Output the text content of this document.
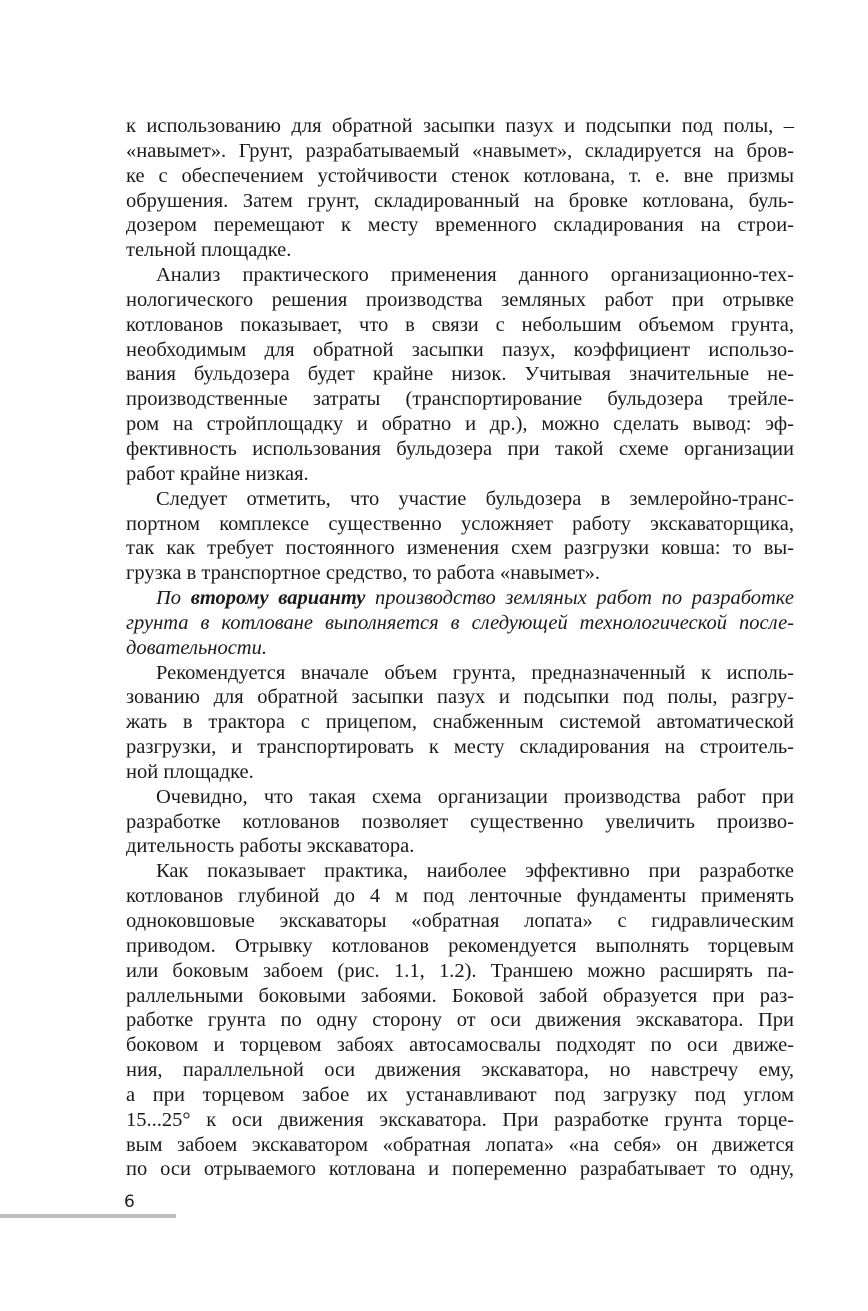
к использованию для обратной засыпки пазух и подсыпки под полы, –
«навымет». Грунт, разрабатываемый «навымет», складируется на бров-
ке с обеспечением устойчивости стенок котлована, т. е. вне призмы
обрушения. Затем грунт, складированный на бровке котлована, буль-
дозером перемещают к месту временного складирования на строи-
тельной площадке.
Анализ практического применения данного организационно-тех-
нологического решения производства земляных работ при отрывке
котлованов показывает, что в связи с небольшим объемом грунта,
необходимым для обратной засыпки пазух, коэффициент использо-
вания бульдозера будет крайне низок. Учитывая значительные не-
производственные затраты (транспортирование бульдозера трейле-
ром на стройплощадку и обратно и др.), можно сделать вывод: эф-
фективность использования бульдозера при такой схеме организации
работ крайне низкая.
Следует отметить, что участие бульдозера в землеройно-транс-
портном комплексе существенно усложняет работу экскаваторщика,
так как требует постоянного изменения схем разгрузки ковша: то вы-
грузка в транспортное средство, то работа «навымет».
По второму варианту производство земляных работ по разработке
грунта в котловане выполняется в следующей технологической после-
довательности.
Рекомендуется вначале объем грунта, предназначенный к исполь-
зованию для обратной засыпки пазух и подсыпки под полы, разгру-
жать в трактора с прицепом, снабженным системой автоматической
разгрузки, и транспортировать к месту складирования на строитель-
ной площадке.
Очевидно, что такая схема организации производства работ при
разработке котлованов позволяет существенно увеличить произво-
дительность работы экскаватора.
Как показывает практика, наиболее эффективно при разработке
котлованов глубиной до 4 м под ленточные фундаменты применять
одноковшовые экскаваторы «обратная лопата» с гидравлическим
приводом. Отрывку котлованов рекомендуется выполнять торцевым
или боковым забоем (рис. 1.1, 1.2). Траншею можно расширять па-
раллельными боковыми забоями. Боковой забой образуется при раз-
работке грунта по одну сторону от оси движения экскаватора. При
боковом и торцевом забоях автосамосвалы подходят по оси движе-
ния, параллельной оси движения экскаватора, но навстречу ему,
а при торцевом забое их устанавливают под загрузку под углом
15...25° к оси движения экскаватора. При разработке грунта торце-
вым забоем экскаватором «обратная лопата» «на себя» он движется
по оси отрываемого котлована и попеременно разрабатывает то одну,
6
